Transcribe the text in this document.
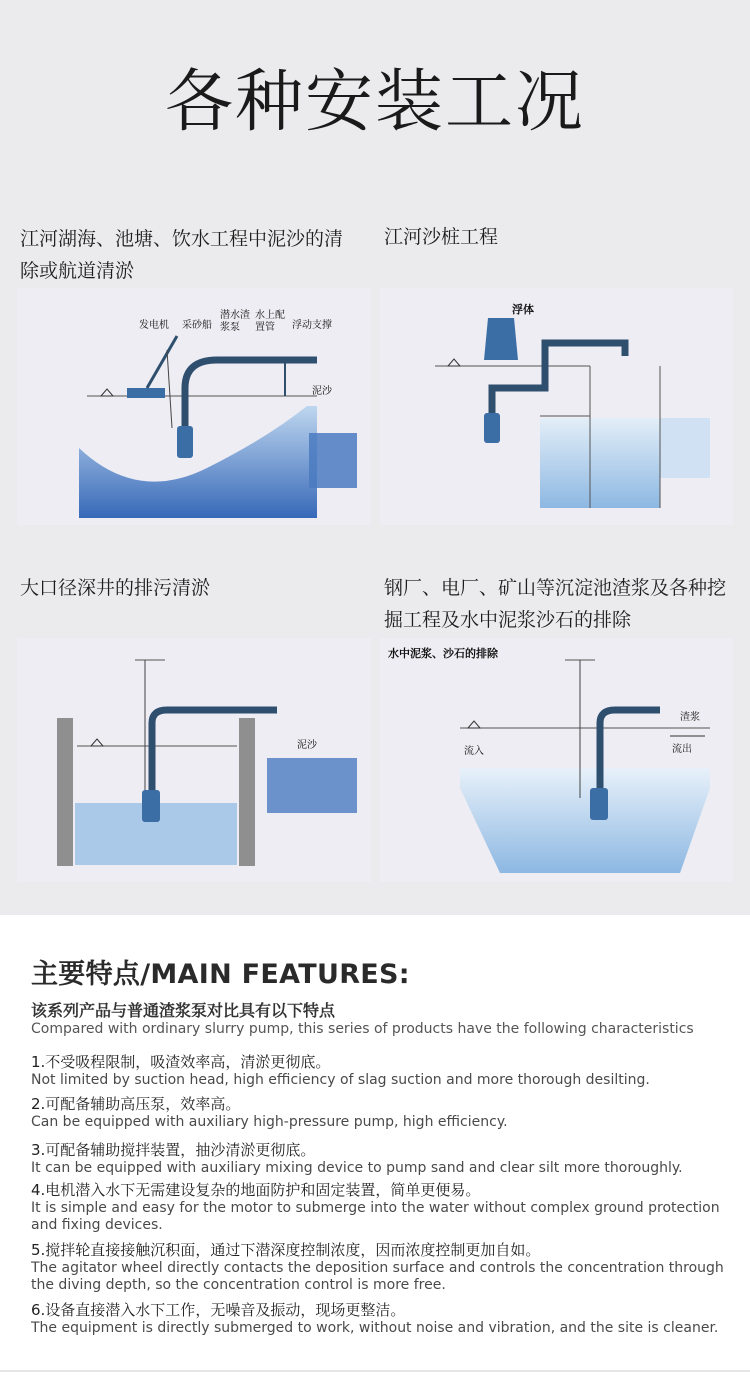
各种安装工况
江河湖海、池塘、饮水工程中泥沙的清除或航道清淤
江河沙桩工程
大口径深井的排污清淤	钢厂、电厂、矿山等沉淀池渣浆及各种挖掘工程及水中泥浆沙石的排除
发电机 采砂船
潜水渣浆泵
水上配置管	浮动支撑
泥沙
浮体
泥沙
水中泥浆、沙石的排除
渣浆
流入	流出
主要特点/MAIN FEATURES:
该系列产品与普通渣浆泵对比具有以下特点
Compared with ordinary slurry pump, this series of products have the following characteristics
1.不受吸程限制，吸渣效率高，清淤更彻底。
Not limited by suction head, high efficiency of slag suction and more thorough desilting.
2.可配备辅助高压泵，效率高。
Can be equipped with auxiliary high-pressure pump, high efficiency.
3.可配备辅助搅拌装置，抽沙清淤更彻底。
It can be equipped with auxiliary mixing device to pump sand and clear silt more thoroughly.
4.电机潜入水下无需建设复杂的地面防护和固定装置，简单更便易。
It is simple and easy for the motor to submerge into the water without complex ground protection and fixing devices.
5.搅拌轮直接接触沉积面，通过下潜深度控制浓度，因而浓度控制更加自如。
The agitator wheel directly contacts the deposition surface and controls the concentration through the diving depth, so the concentration control is more free.
6.设备直接潜入水下工作，无噪音及振动，现场更整洁。
The equipment is directly submerged to work, without noise and vibration, and the site is cleaner.
